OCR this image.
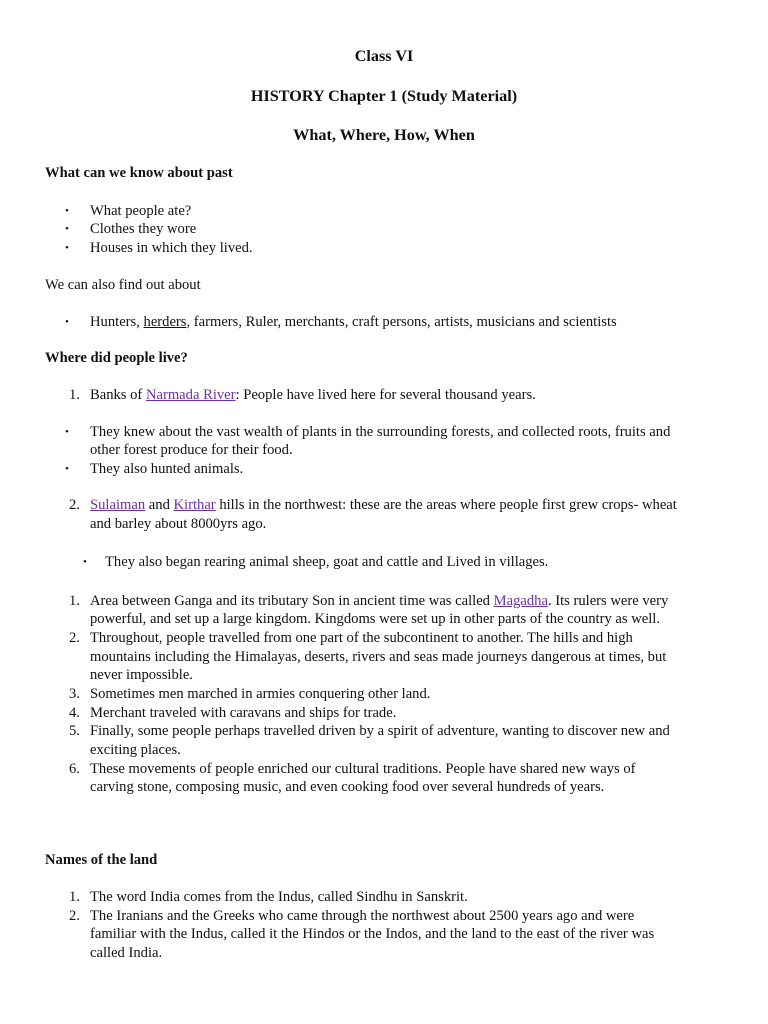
Class VI
HISTORY Chapter 1 (Study Material)
What, Where, How, When
What can we know about past
•	What people ate?
•	Clothes they wore
•	Houses in which they lived.
We can also find out about
•	Hunters, herders, farmers, Ruler, merchants, craft persons, artists, musicians and scientists
Where did people live?
1. Banks of Narmada River: People have lived here for several thousand years.
•	They knew about the vast wealth of plants in the surrounding forests, and collected roots, fruits and
other forest produce for their food.
•	They also hunted animals.
2. Sulaiman and Kirthar hills in the northwest: these are the areas where people first grew crops- wheat
and barley about 8000yrs ago.
•	They also began rearing animal sheep, goat and cattle and Lived in villages.
1. Area between Ganga and its tributary Son in ancient time was called Magadha. Its rulers were very
powerful, and set up a large kingdom. Kingdoms were set up in other parts of the country as well.
2. Throughout, people travelled from one part of the subcontinent to another. The hills and high
mountains including the Himalayas, deserts, rivers and seas made journeys dangerous at times, but
never impossible.
3. Sometimes men marched in armies conquering other land.
4. Merchant traveled with caravans and ships for trade.
5. Finally, some people perhaps travelled driven by a spirit of adventure, wanting to discover new and
exciting places.
6. These movements of people enriched our cultural traditions. People have shared new ways of
carving stone, composing music, and even cooking food over several hundreds of years.
Names of the land
1. The word India comes from the Indus, called Sindhu in Sanskrit.
2. The Iranians and the Greeks who came through the northwest about 2500 years ago and were
familiar with the Indus, called it the Hindos or the Indos, and the land to the east of the river was
called India.
